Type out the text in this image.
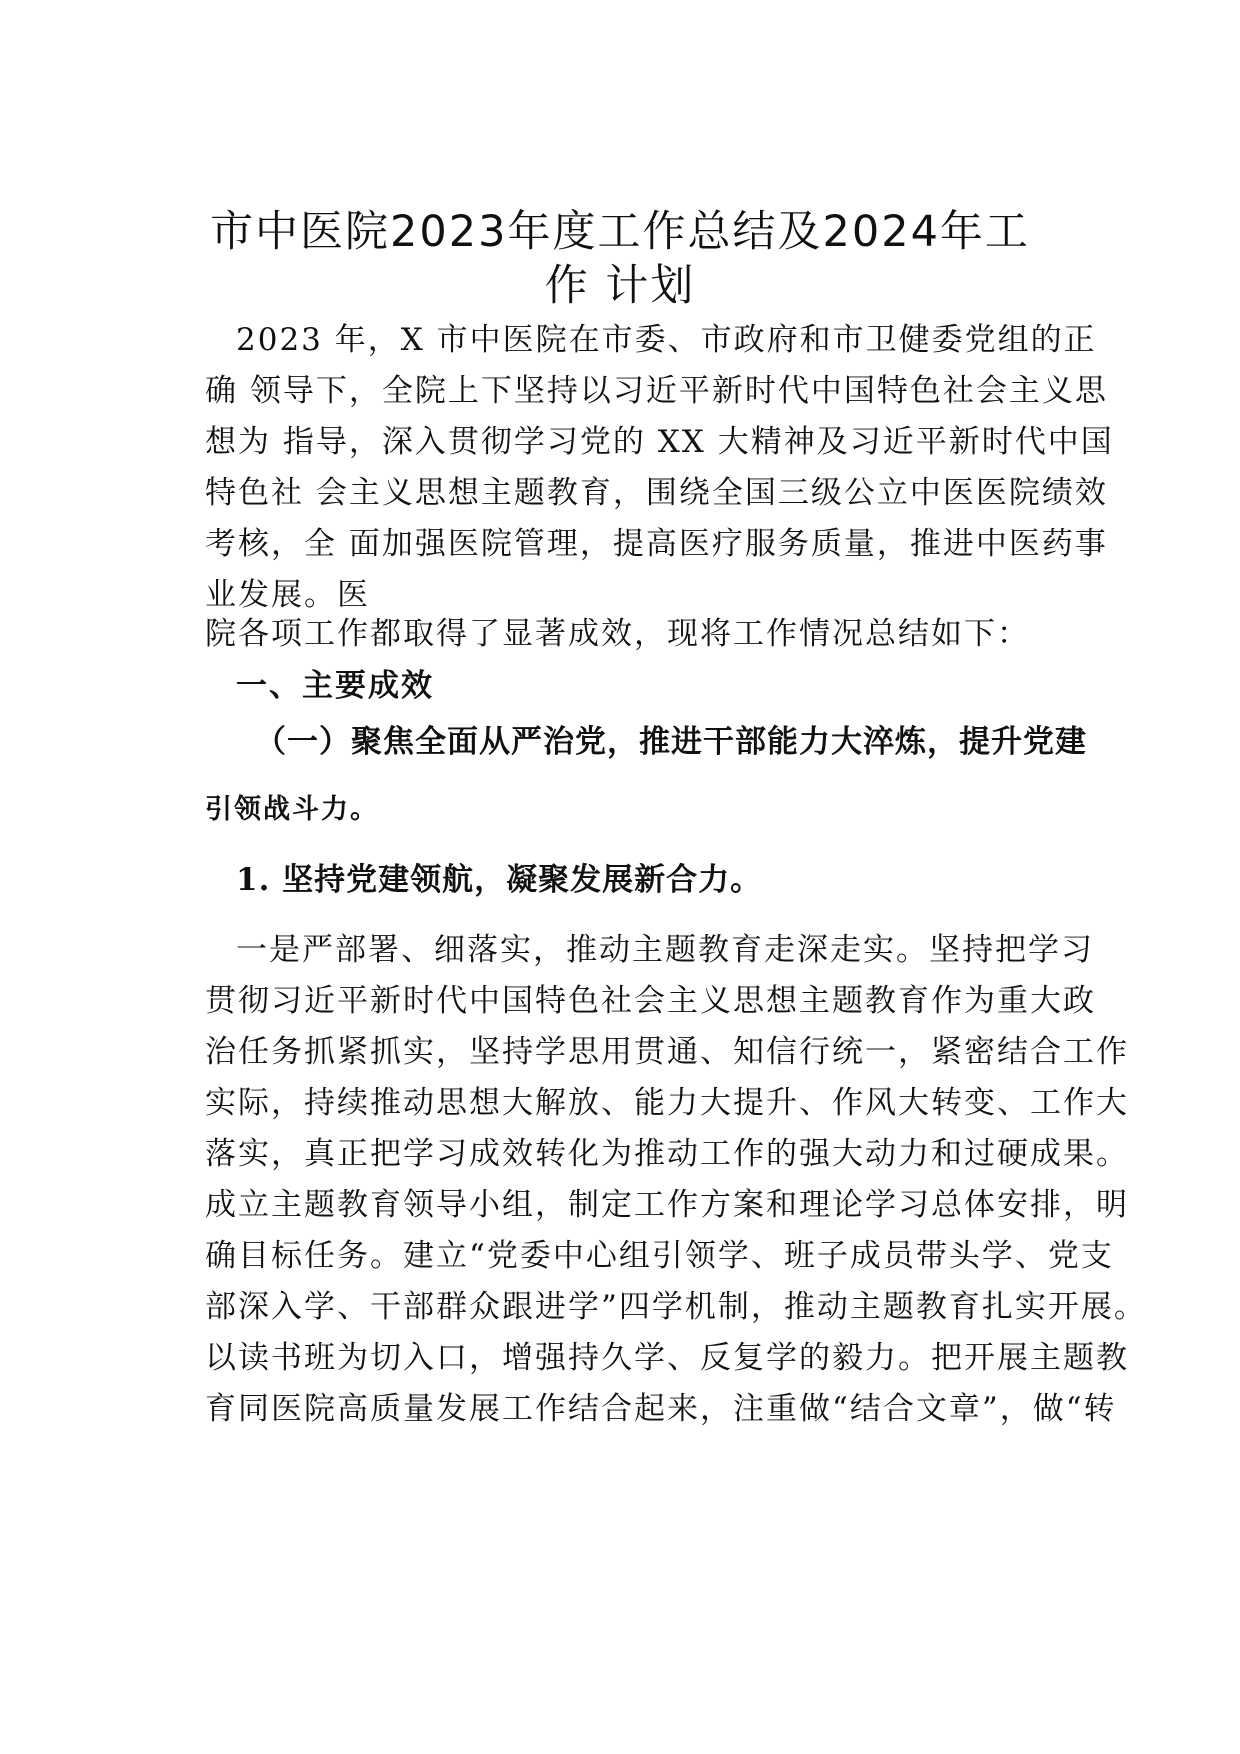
市中医院2023年度工作总结及2024年工
作 计划
2023 年，X 市中医院在市委、市政府和市卫健委党组的正
确 领导下，全院上下坚持以习近平新时代中国特色社会主义思
想为 指导，深入贯彻学习党的 XX 大精神及习近平新时代中国
特色社 会主义思想主题教育，围绕全国三级公立中医医院绩效
考核，全 面加强医院管理，提高医疗服务质量，推进中医药事
业发展。医
院各项工作都取得了显著成效，现将工作情况总结如下：
一、主要成效
（一）聚焦全面从严治党，推进干部能力大淬炼，提升党建
引领战斗力。
1. 坚持党建领航，凝聚发展新合力。
一是严部署、细落实，推动主题教育走深走实。坚持把学习
贯彻习近平新时代中国特色社会主义思想主题教育作为重大政
治任务抓紧抓实，坚持学思用贯通、知信行统一，紧密结合工作
实际，持续推动思想大解放、能力大提升、作风大转变、工作大
落实，真正把学习成效转化为推动工作的强大动力和过硬成果。
成立主题教育领导小组，制定工作方案和理论学习总体安排，明
确目标任务。建立“党委中心组引领学、班子成员带头学、党支
部深入学、干部群众跟进学”四学机制，推动主题教育扎实开展。
以读书班为切入口，增强持久学、反复学的毅力。把开展主题教
育同医院高质量发展工作结合起来，注重做“结合文章”，做“转
